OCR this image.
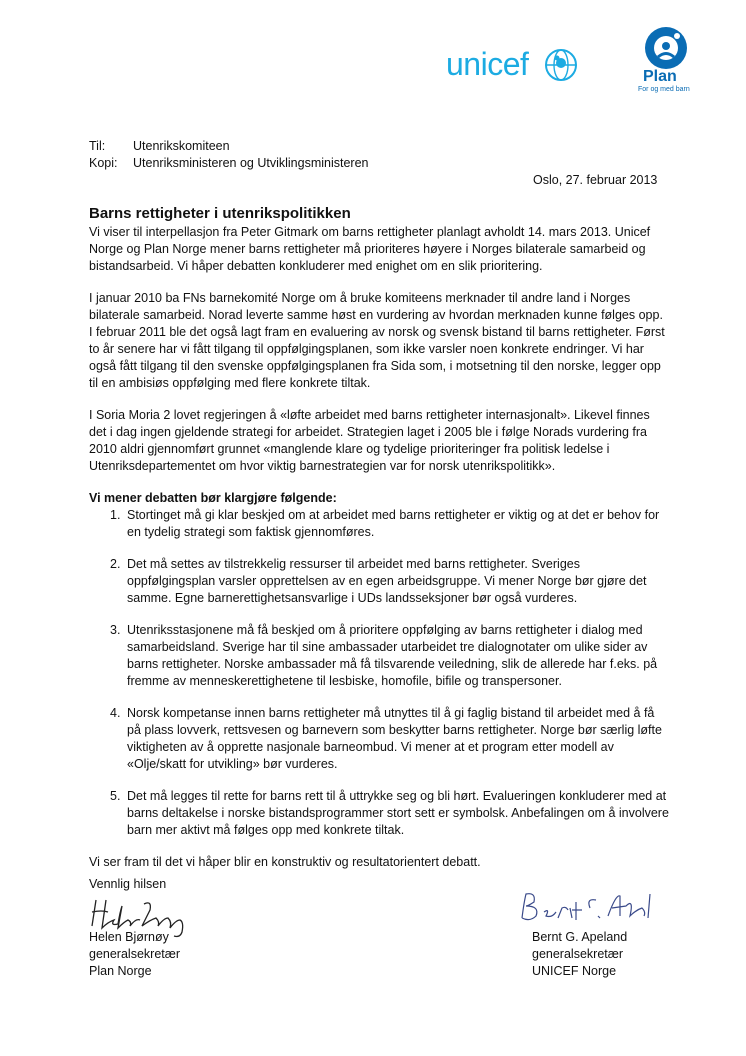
unicef	Plan
For og med barn
Til: Utenrikskomiteen
Kopi: Utenriksministeren og Utviklingsministeren
Oslo, 27. februar 2013
Barns rettigheter i utenrikspolitikken

Vi viser til interpellasjon fra Peter Gitmark om barns rettigheter planlagt avholdt 14. mars 2013. Unicef Norge og Plan Norge mener barns rettigheter må prioriteres høyere i Norges bilaterale samarbeid og bistandsarbeid. Vi håper debatten konkluderer med enighet om en slik prioritering.

I januar 2010 ba FNs barnekomité Norge om å bruke komiteens merknader til andre land i Norges bilaterale samarbeid. Norad leverte samme høst en vurdering av hvordan merknaden kunne følges opp. I februar 2011 ble det også lagt fram en evaluering av norsk og svensk bistand til barns rettigheter. Først to år senere har vi fått tilgang til oppfølgingsplanen, som ikke varsler noen konkrete endringer. Vi har også fått tilgang til den svenske oppfølgingsplanen fra Sida som, i motsetning til den norske, legger opp til en ambisiøs oppfølging med flere konkrete tiltak.

I Soria Moria 2 lovet regjeringen å «løfte arbeidet med barns rettigheter internasjonalt». Likevel finnes det i dag ingen gjeldende strategi for arbeidet. Strategien laget i 2005 ble i følge Norads vurdering fra 2010 aldri gjennomført grunnet «manglende klare og tydelige prioriteringer fra politisk ledelse i Utenriksdepartementet om hvor viktig barnestrategien var for norsk utenrikspolitikk».

Vi mener debatten bør klargjøre følgende:

1. Stortinget må gi klar beskjed om at arbeidet med barns rettigheter er viktig og at det er behov for en tydelig strategi som faktisk gjennomføres.
2. Det må settes av tilstrekkelig ressurser til arbeidet med barns rettigheter. Sveriges oppfølgingsplan varsler opprettelsen av en egen arbeidsgruppe. Vi mener Norge bør gjøre det samme. Egne barnerettighetsansvarlige i UDs landsseksjoner bør også vurderes.
3. Utenriksstasjonene må få beskjed om å prioritere oppfølging av barns rettigheter i dialog med samarbeidsland. Sverige har til sine ambassader utarbeidet tre dialognotater om ulike sider av barns rettigheter. Norske ambassader må få tilsvarende veiledning, slik de allerede har f.eks. på fremme av menneskerettighetene til lesbiske, homofile, bifile og transpersoner.
4. Norsk kompetanse innen barns rettigheter må utnyttes til å gi faglig bistand til arbeidet med å få på plass lovverk, rettsvesen og barnevern som beskytter barns rettigheter. Norge bør særlig løfte viktigheten av å opprette nasjonale barneombud. Vi mener at et program etter modell av «Olje/skatt for utvikling» bør vurderes.
5. Det må legges til rette for barns rett til å uttrykke seg og bli hørt. Evalueringen konkluderer med at barns deltakelse i norske bistandsprogrammer stort sett er symbolsk. Anbefalingen om å involvere barn mer aktivt må følges opp med konkrete tiltak.

Vi ser fram til det vi håper blir en konstruktiv og resultatorientert debatt.

Vennlig hilsen
Helen Bjørnøy
generalsekretær
Plan Norge
Bernt G. Apeland
generalsekretær
UNICEF Norge
